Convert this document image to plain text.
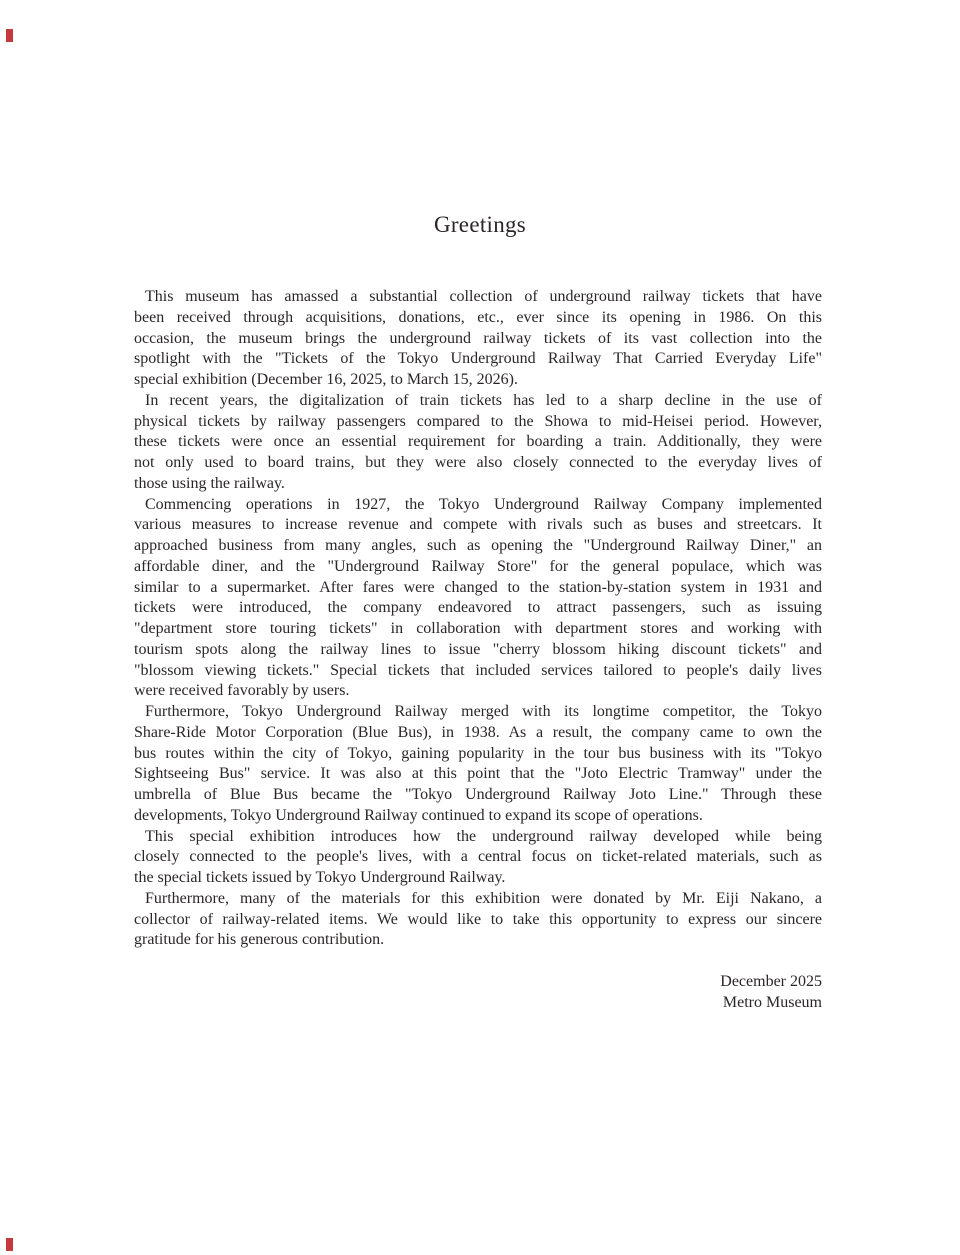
Greetings
This museum has amassed a substantial collection of underground railway tickets that have
been received through acquisitions, donations, etc., ever since its opening in 1986. On this
occasion, the museum brings the underground railway tickets of its vast collection into the
spotlight with the "Tickets of the Tokyo Underground Railway That Carried Everyday Life"
special exhibition (December 16, 2025, to March 15, 2026).
In recent years, the digitalization of train tickets has led to a sharp decline in the use of
physical tickets by railway passengers compared to the Showa to mid-Heisei period. However,
these tickets were once an essential requirement for boarding a train. Additionally, they were
not only used to board trains, but they were also closely connected to the everyday lives of
those using the railway.
Commencing operations in 1927, the Tokyo Underground Railway Company implemented
various measures to increase revenue and compete with rivals such as buses and streetcars. It
approached business from many angles, such as opening the "Underground Railway Diner," an
affordable diner, and the "Underground Railway Store" for the general populace, which was
similar to a supermarket. After fares were changed to the station-by-station system in 1931 and
tickets were introduced, the company endeavored to attract passengers, such as issuing
"department store touring tickets" in collaboration with department stores and working with
tourism spots along the railway lines to issue "cherry blossom hiking discount tickets" and
"blossom viewing tickets." Special tickets that included services tailored to people's daily lives
were received favorably by users.
Furthermore, Tokyo Underground Railway merged with its longtime competitor, the Tokyo
Share-Ride Motor Corporation (Blue Bus), in 1938. As a result, the company came to own the
bus routes within the city of Tokyo, gaining popularity in the tour bus business with its "Tokyo
Sightseeing Bus" service. It was also at this point that the "Joto Electric Tramway" under the
umbrella of Blue Bus became the "Tokyo Underground Railway Joto Line." Through these
developments, Tokyo Underground Railway continued to expand its scope of operations.
This special exhibition introduces how the underground railway developed while being
closely connected to the people's lives, with a central focus on ticket-related materials, such as
the special tickets issued by Tokyo Underground Railway.
Furthermore, many of the materials for this exhibition were donated by Mr. Eiji Nakano, a
collector of railway-related items. We would like to take this opportunity to express our sincere
gratitude for his generous contribution.
December 2025
Metro Museum
